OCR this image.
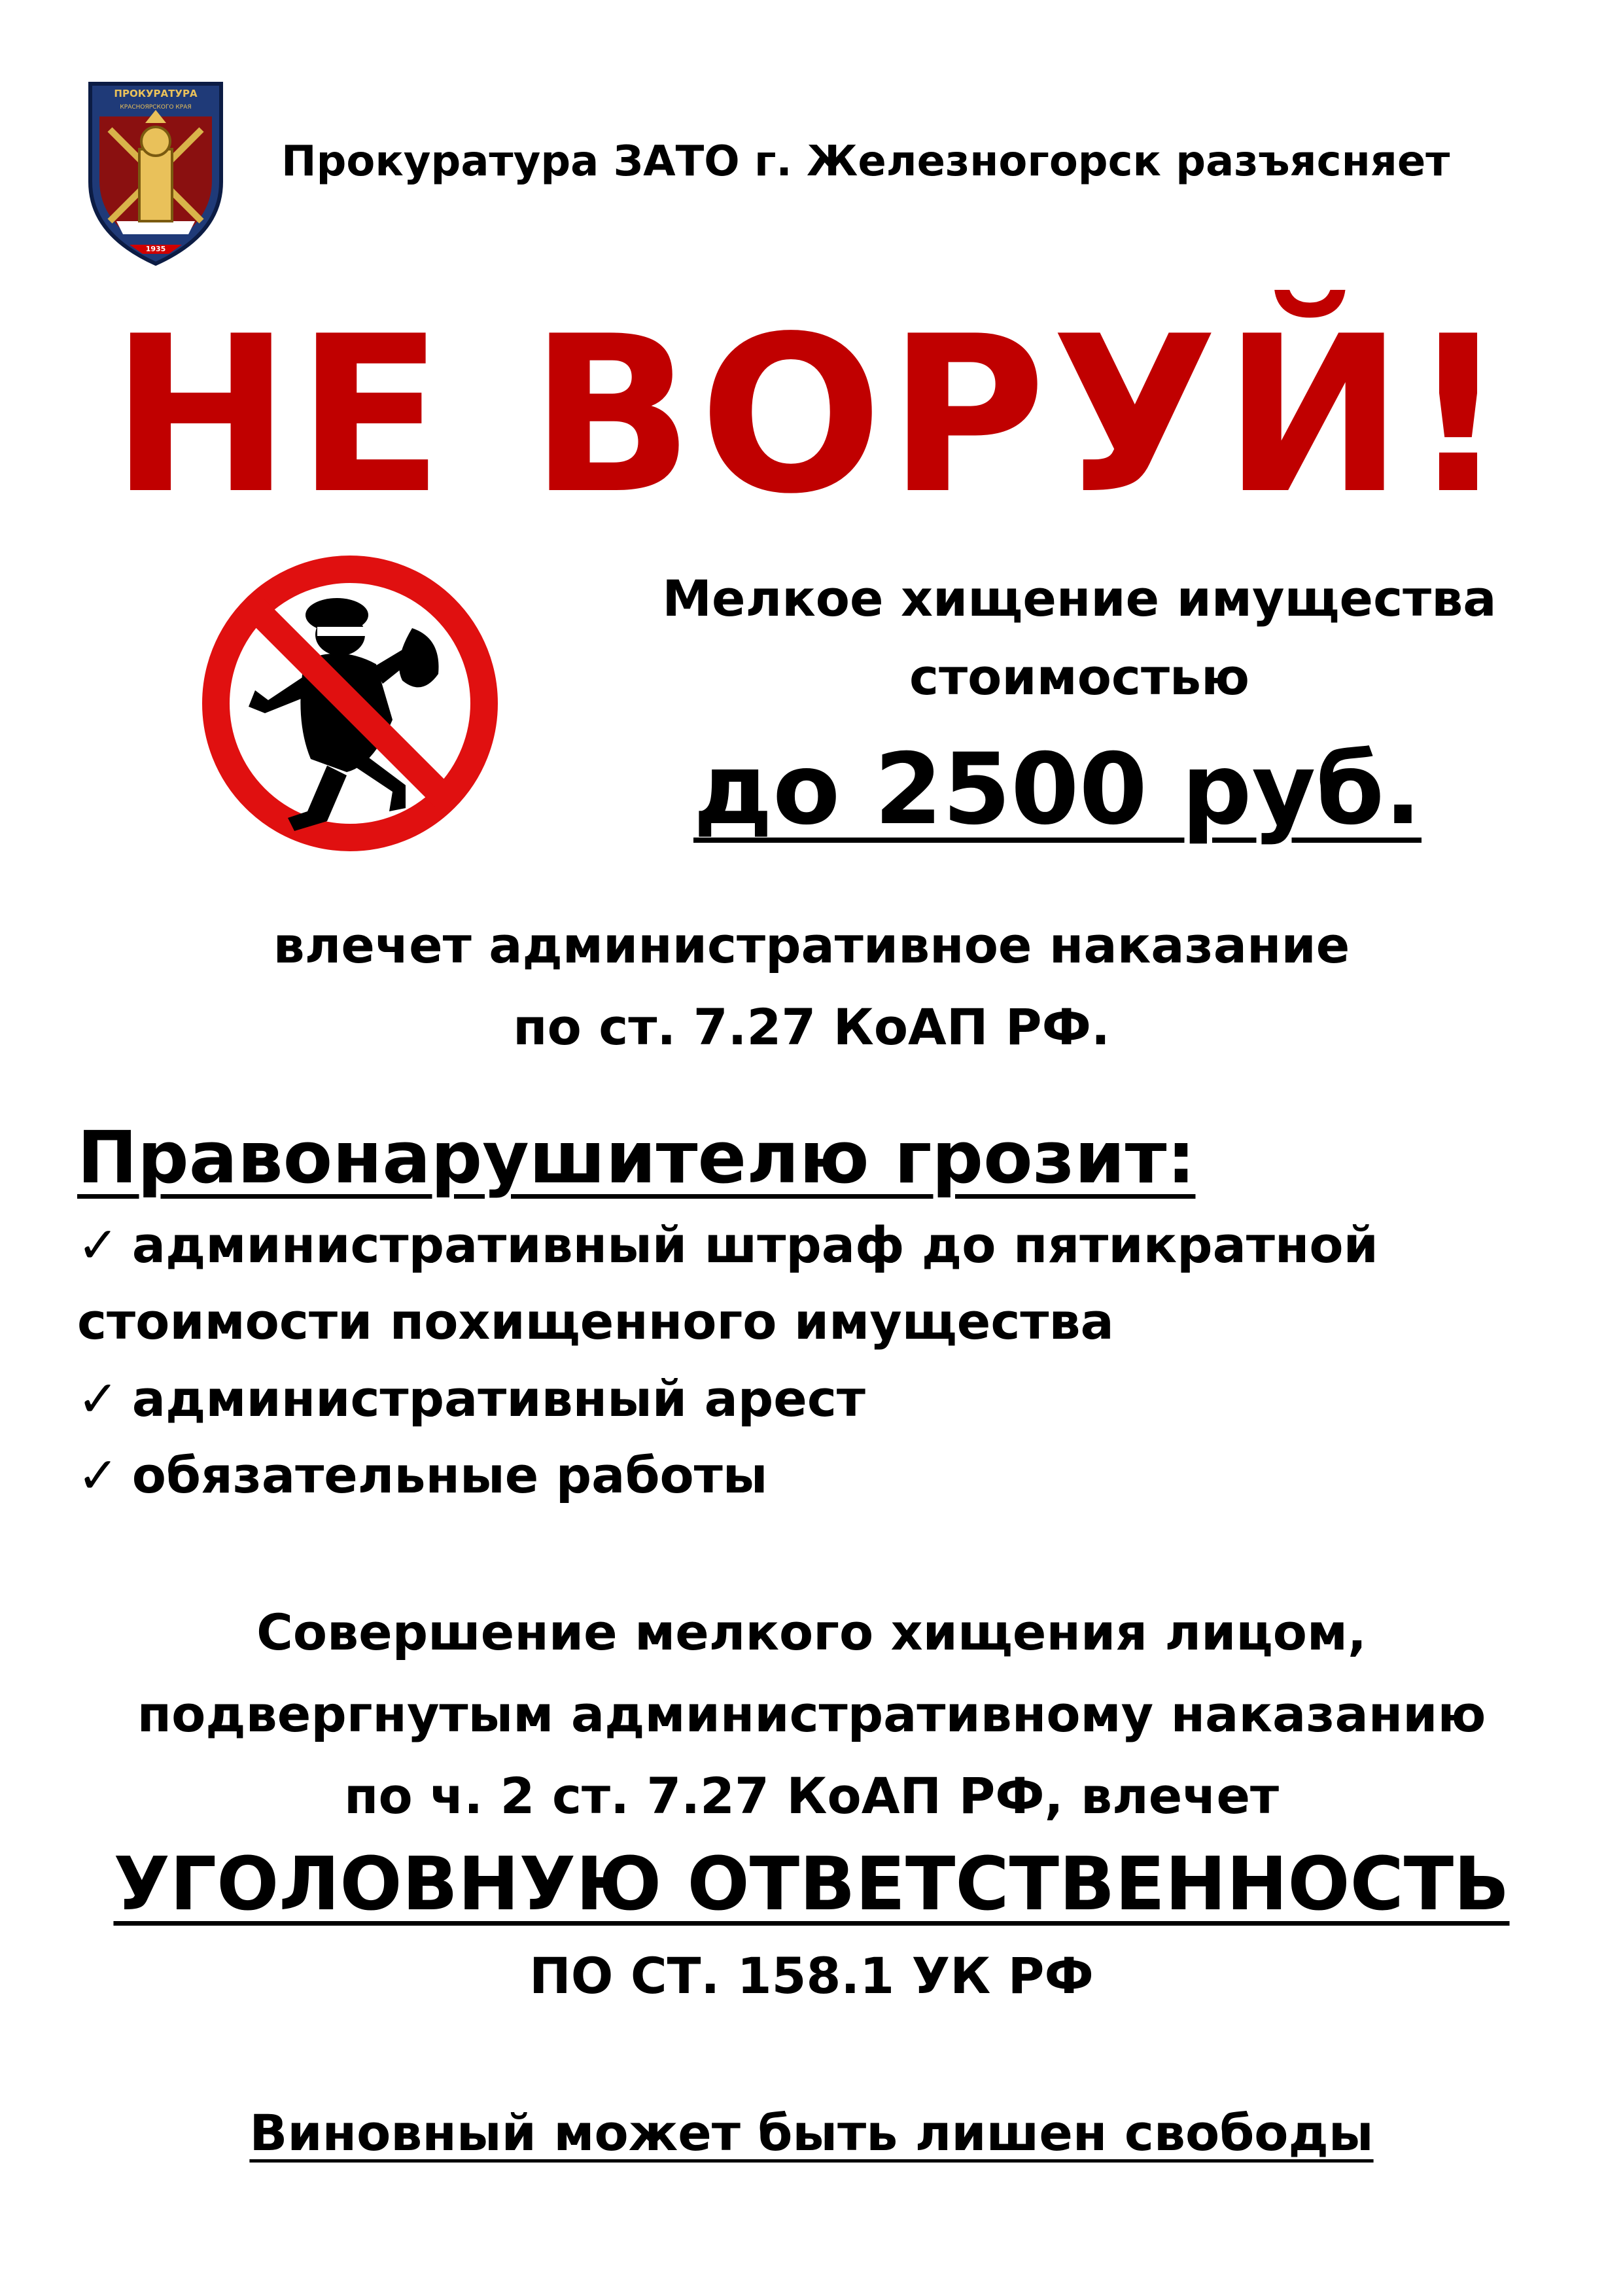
ПРОКУРАТУРА
КРАСНОЯРСКОГО КРАЯ
1935
Прокуратура ЗАТО г. Железногорск разъясняет
НЕ ВОРУЙ!
Мелкое хищение имущества
стоимостью
до 2500 руб.
влечет административное наказание
по ст. 7.27 КоАП РФ.
Правонарушителю грозит:
✓ административный штраф до пятикратной
стоимости похищенного имущества
✓ административный арест
✓ обязательные работы
Совершение мелкого хищения лицом,
подвергнутым административному наказанию
по ч. 2 ст. 7.27 КоАП РФ, влечет
УГОЛОВНУЮ ОТВЕТСТВЕННОСТЬ
ПО СТ. 158.1 УК РФ
Виновный может быть лишен свободы
